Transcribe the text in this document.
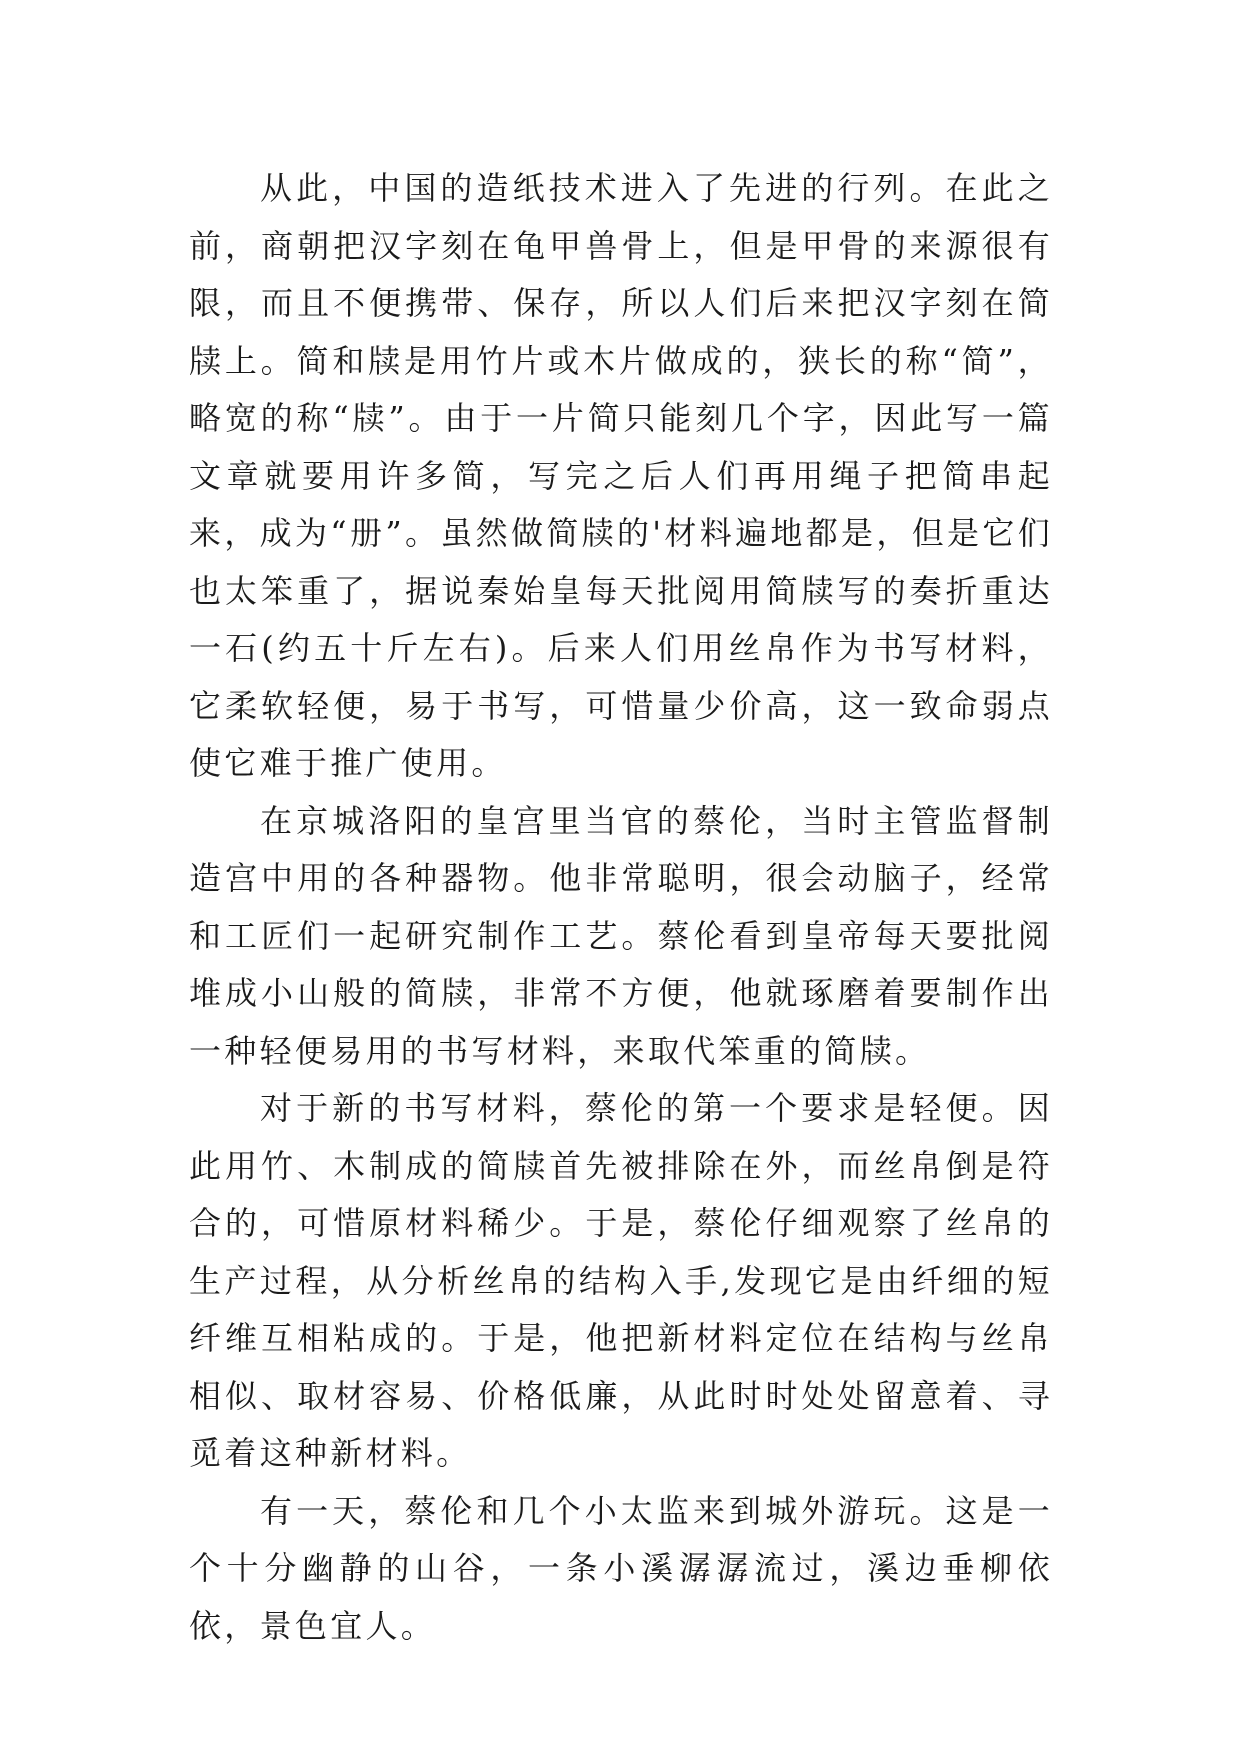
从此，中国的造纸技术进入了先进的行列。在此之前，商朝把汉字刻在龟甲兽骨上，但是甲骨的来源很有限，而且不便携带、保存，所以人们后来把汉字刻在简牍上。简和牍是用竹片或木片做成的，狭长的称“简”，略宽的称“牍”。由于一片简只能刻几个字，因此写一篇文章就要用许多简，写完之后人们再用绳子把简串起来，成为“册”。虽然做简牍的'材料遍地都是，但是它们也太笨重了，据说秦始皇每天批阅用简牍写的奏折重达一石(约五十斤左右)。后来人们用丝帛作为书写材料，它柔软轻便，易于书写，可惜量少价高，这一致命弱点使它难于推广使用。

在京城洛阳的皇宫里当官的蔡伦，当时主管监督制造宫中用的各种器物。他非常聪明，很会动脑子，经常和工匠们一起研究制作工艺。蔡伦看到皇帝每天要批阅堆成小山般的简牍，非常不方便，他就琢磨着要制作出一种轻便易用的书写材料，来取代笨重的简牍。

对于新的书写材料，蔡伦的第一个要求是轻便。因此用竹、木制成的简牍首先被排除在外，而丝帛倒是符合的，可惜原材料稀少。于是，蔡伦仔细观察了丝帛的生产过程，从分析丝帛的结构入手,发现它是由纤细的短纤维互相粘成的。于是，他把新材料定位在结构与丝帛相似、取材容易、价格低廉，从此时时处处留意着、寻觅着这种新材料。

有一天，蔡伦和几个小太监来到城外游玩。这是一个十分幽静的山谷，一条小溪潺潺流过，溪边垂柳依依，景色宜人。
